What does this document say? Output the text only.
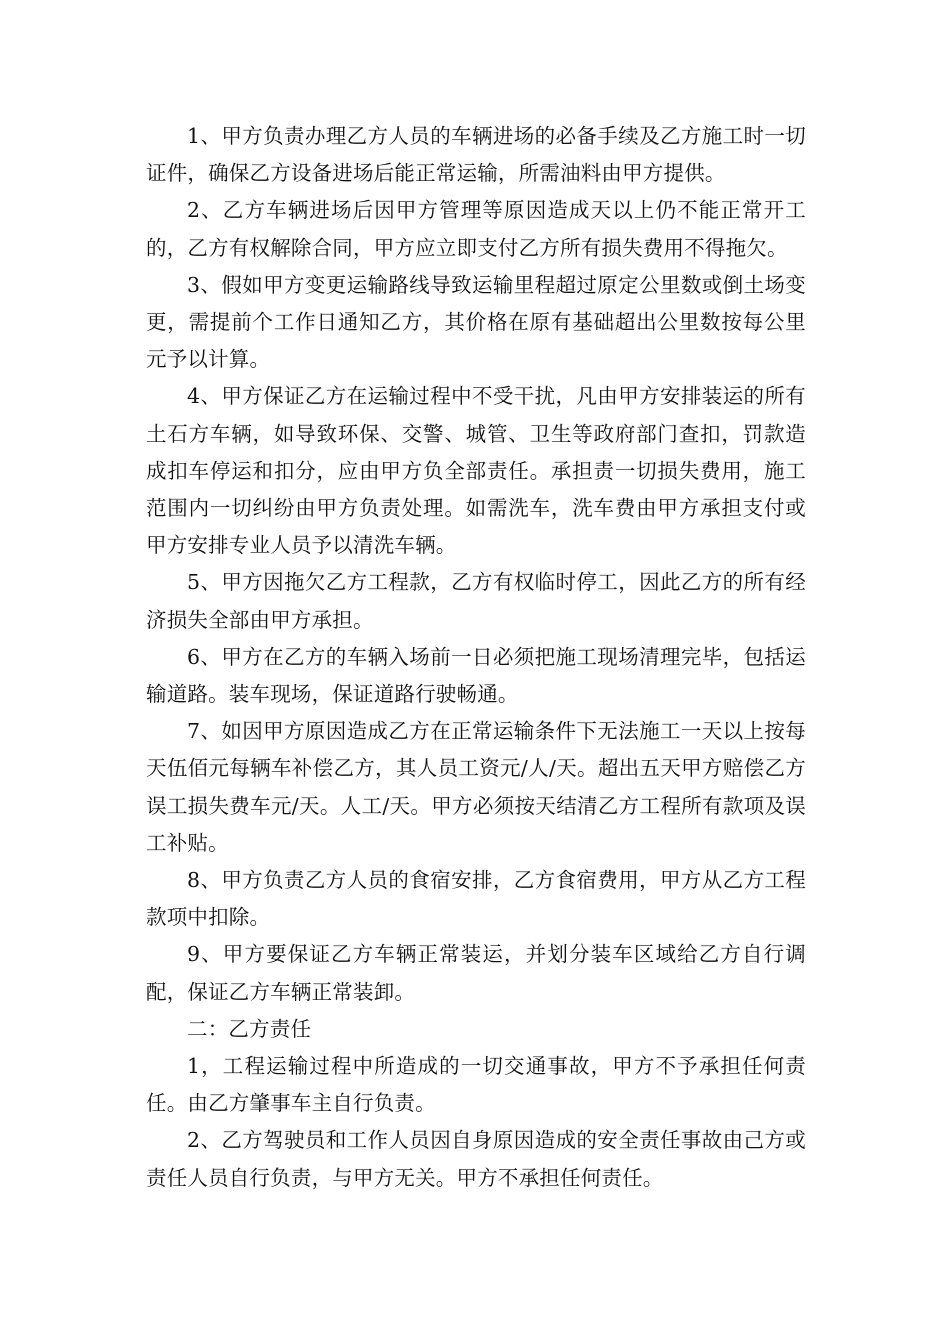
1、甲方负责办理乙方人员的车辆进场的必备手续及乙方施工时一切证件，确保乙方设备进场后能正常运输，所需油料由甲方提供。

2、乙方车辆进场后因甲方管理等原因造成天以上仍不能正常开工的，乙方有权解除合同，甲方应立即支付乙方所有损失费用不得拖欠。

3、假如甲方变更运输路线导致运输里程超过原定公里数或倒土场变更，需提前个工作日通知乙方，其价格在原有基础超出公里数按每公里元予以计算。

4、甲方保证乙方在运输过程中不受干扰，凡由甲方安排装运的所有土石方车辆，如导致环保、交警、城管、卫生等政府部门查扣，罚款造成扣车停运和扣分，应由甲方负全部责任。承担责一切损失费用，施工范围内一切纠纷由甲方负责处理。如需洗车，洗车费由甲方承担支付或甲方安排专业人员予以清洗车辆。

5、甲方因拖欠乙方工程款，乙方有权临时停工，因此乙方的所有经济损失全部由甲方承担。

6、甲方在乙方的车辆入场前一日必须把施工现场清理完毕，包括运输道路。装车现场，保证道路行驶畅通。

7、如因甲方原因造成乙方在正常运输条件下无法施工一天以上按每天伍佰元每辆车补偿乙方，其人员工资元/人/天。超出五天甲方赔偿乙方误工损失费车元/天。人工/天。甲方必须按天结清乙方工程所有款项及误工补贴。

8、甲方负责乙方人员的食宿安排，乙方食宿费用，甲方从乙方工程款项中扣除。

9、甲方要保证乙方车辆正常装运，并划分装车区域给乙方自行调配，保证乙方车辆正常装卸。

二：乙方责任

1，工程运输过程中所造成的一切交通事故，甲方不予承担任何责任。由乙方肇事车主自行负责。

2、乙方驾驶员和工作人员因自身原因造成的安全责任事故由己方或责任人员自行负责，与甲方无关。甲方不承担任何责任。
